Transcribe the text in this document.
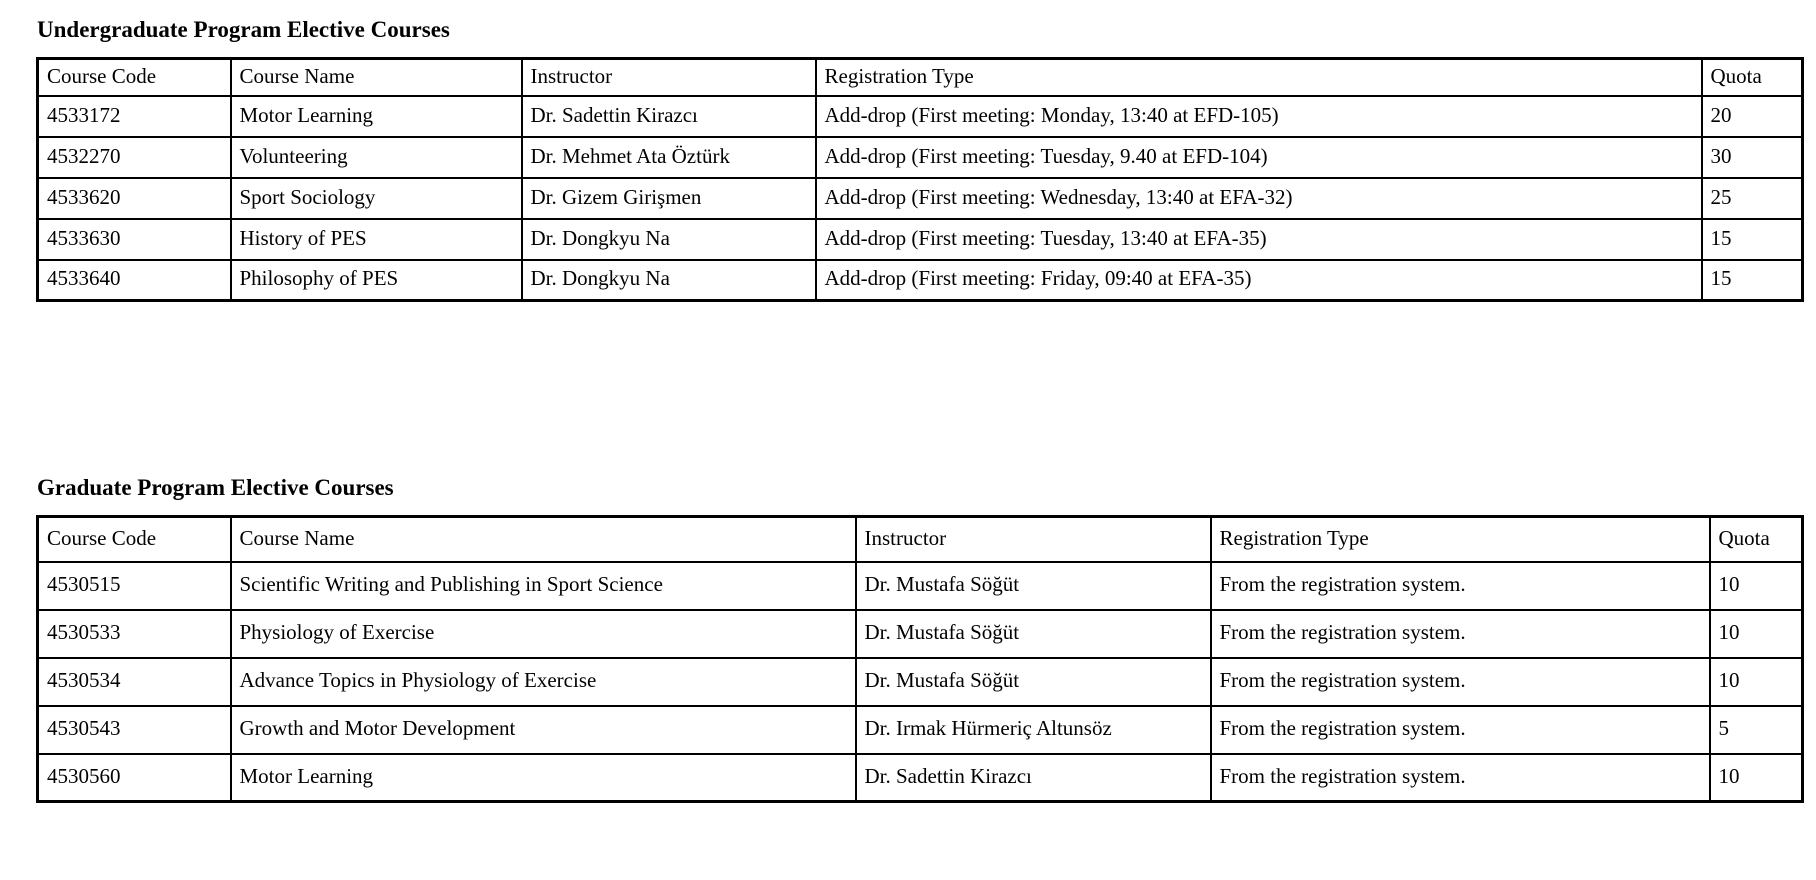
Undergraduate Program Elective Courses
Course Code	Course Name	Instructor	Registration Type	Quota
4533172	Motor Learning	Dr. Sadettin Kirazcı	Add-drop (First meeting: Monday, 13:40 at EFD-105)	20
4532270	Volunteering	Dr. Mehmet Ata Öztürk	Add-drop (First meeting: Tuesday, 9.40 at EFD-104)	30
4533620	Sport Sociology	Dr. Gizem Girişmen	Add-drop (First meeting: Wednesday, 13:40 at EFA-32)	25
4533630	History of PES	Dr. Dongkyu Na	Add-drop (First meeting: Tuesday, 13:40 at EFA-35)	15
4533640	Philosophy of PES	Dr. Dongkyu Na	Add-drop (First meeting: Friday, 09:40 at EFA-35)	15
Graduate Program Elective Courses
Course Code	Course Name	Instructor	Registration Type	Quota
4530515	Scientific Writing and Publishing in Sport Science	Dr. Mustafa Söğüt	From the registration system.	10
4530533	Physiology of Exercise	Dr. Mustafa Söğüt	From the registration system.	10
4530534	Advance Topics in Physiology of Exercise	Dr. Mustafa Söğüt	From the registration system.	10
4530543	Growth and Motor Development	Dr. Irmak Hürmeriç Altunsöz	From the registration system.	5
4530560	Motor Learning	Dr. Sadettin Kirazcı	From the registration system.	10
